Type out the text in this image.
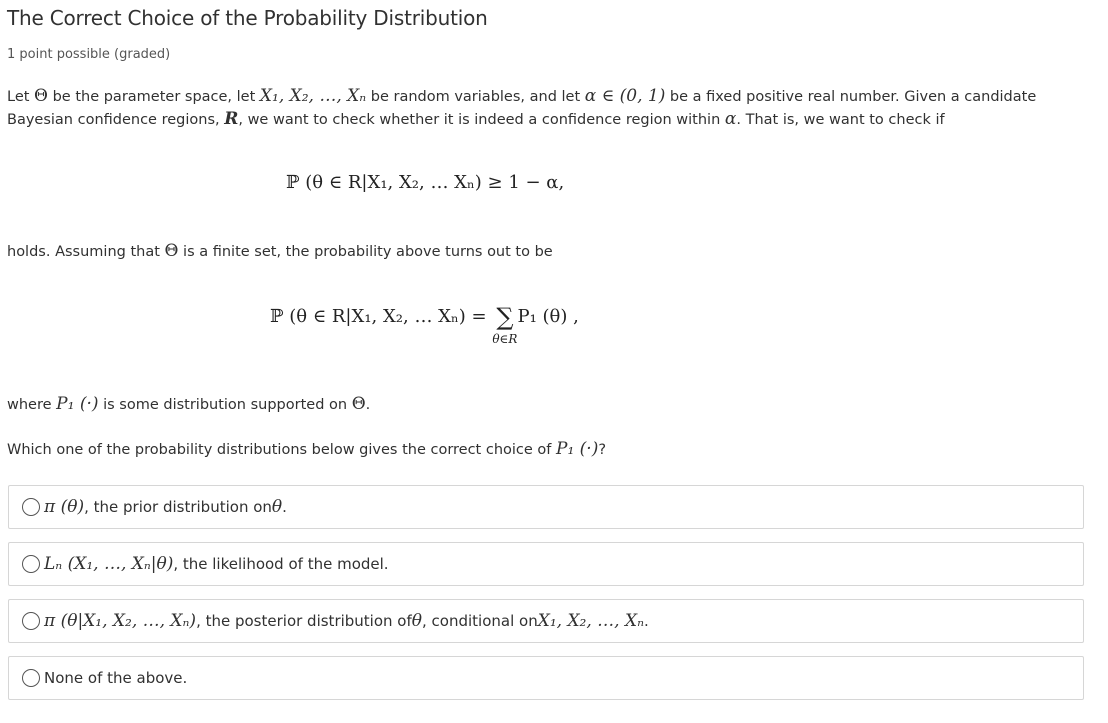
The Correct Choice of the Probability Distribution
1 point possible (graded)
Let Θ be the parameter space, let X₁, X₂, …, Xₙ be random variables, and let α ∈ (0, 1) be a fixed positive real number. Given a candidate
Bayesian confidence regions, R, we want to check whether it is indeed a confidence region within α. That is, we want to check if
ℙ (θ ∈ R|X₁, X₂, … Xₙ) ≥ 1 − α,
holds. Assuming that Θ is a finite set, the probability above turns out to be
ℙ (θ ∈ R|X₁, X₂, … Xₙ) = ∑
θ∈R
P₁ (θ) ,
where P₁ (·) is some distribution supported on Θ.
Which one of the probability distributions below gives the correct choice of P₁ (·)?
π (θ) , the prior distribution on θ .
Lₙ (X₁, …, Xₙ|θ) , the likelihood of the model.
π (θ|X₁, X₂, …, Xₙ) , the posterior distribution of θ , conditional on X₁, X₂, …, Xₙ .
None of the above.
